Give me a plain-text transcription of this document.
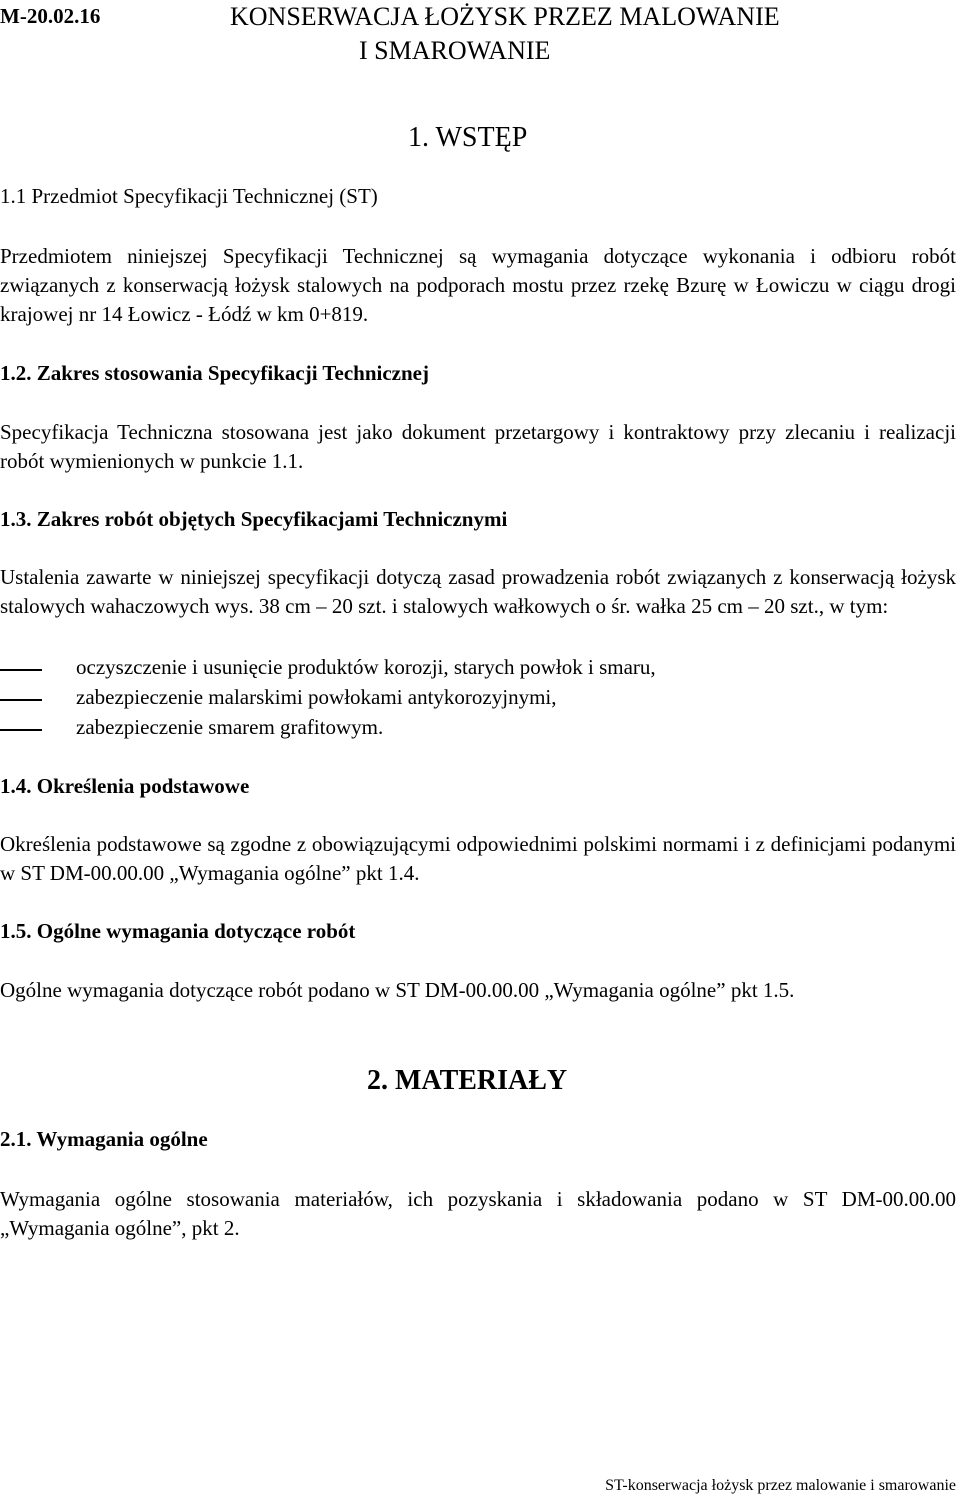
M-20.02.16	KONSERWACJA ŁOŻYSK PRZEZ MALOWANIE
I SMAROWANIE
1. WSTĘP
1.1 Przedmiot Specyfikacji Technicznej (ST)
Przedmiotem niniejszej Specyfikacji Technicznej są wymagania dotyczące wykonania i odbioru robót związanych z konserwacją łożysk stalowych na podporach mostu przez rzekę Bzurę w Łowiczu w ciągu drogi krajowej nr 14 Łowicz - Łódź w km 0+819.
1.2. Zakres stosowania Specyfikacji Technicznej
Specyfikacja Techniczna stosowana jest jako dokument przetargowy i kontraktowy przy zlecaniu i realizacji robót wymienionych w punkcie 1.1.
1.3. Zakres robót objętych Specyfikacjami Technicznymi
Ustalenia zawarte w niniejszej specyfikacji dotyczą zasad prowadzenia robót związanych z konserwacją łożysk stalowych wahaczowych wys. 38 cm – 20 szt. i stalowych wałkowych o śr. wałka 25 cm – 20 szt., w tym:
oczyszczenie i usunięcie produktów korozji, starych powłok i smaru,
zabezpieczenie malarskimi powłokami antykorozyjnymi,
zabezpieczenie smarem grafitowym.
1.4. Określenia podstawowe
Określenia podstawowe są zgodne z obowiązującymi odpowiednimi polskimi normami i z definicjami podanymi w ST DM-00.00.00 „Wymagania ogólne” pkt 1.4.
1.5. Ogólne wymagania dotyczące robót
Ogólne wymagania dotyczące robót podano w ST DM-00.00.00 „Wymagania ogólne” pkt 1.5.
2. MATERIAŁY
2.1. Wymagania ogólne
Wymagania ogólne stosowania materiałów, ich pozyskania i składowania podano w ST DM-00.00.00 „Wymagania ogólne”, pkt 2.
ST-konserwacja łożysk przez malowanie i smarowanie
